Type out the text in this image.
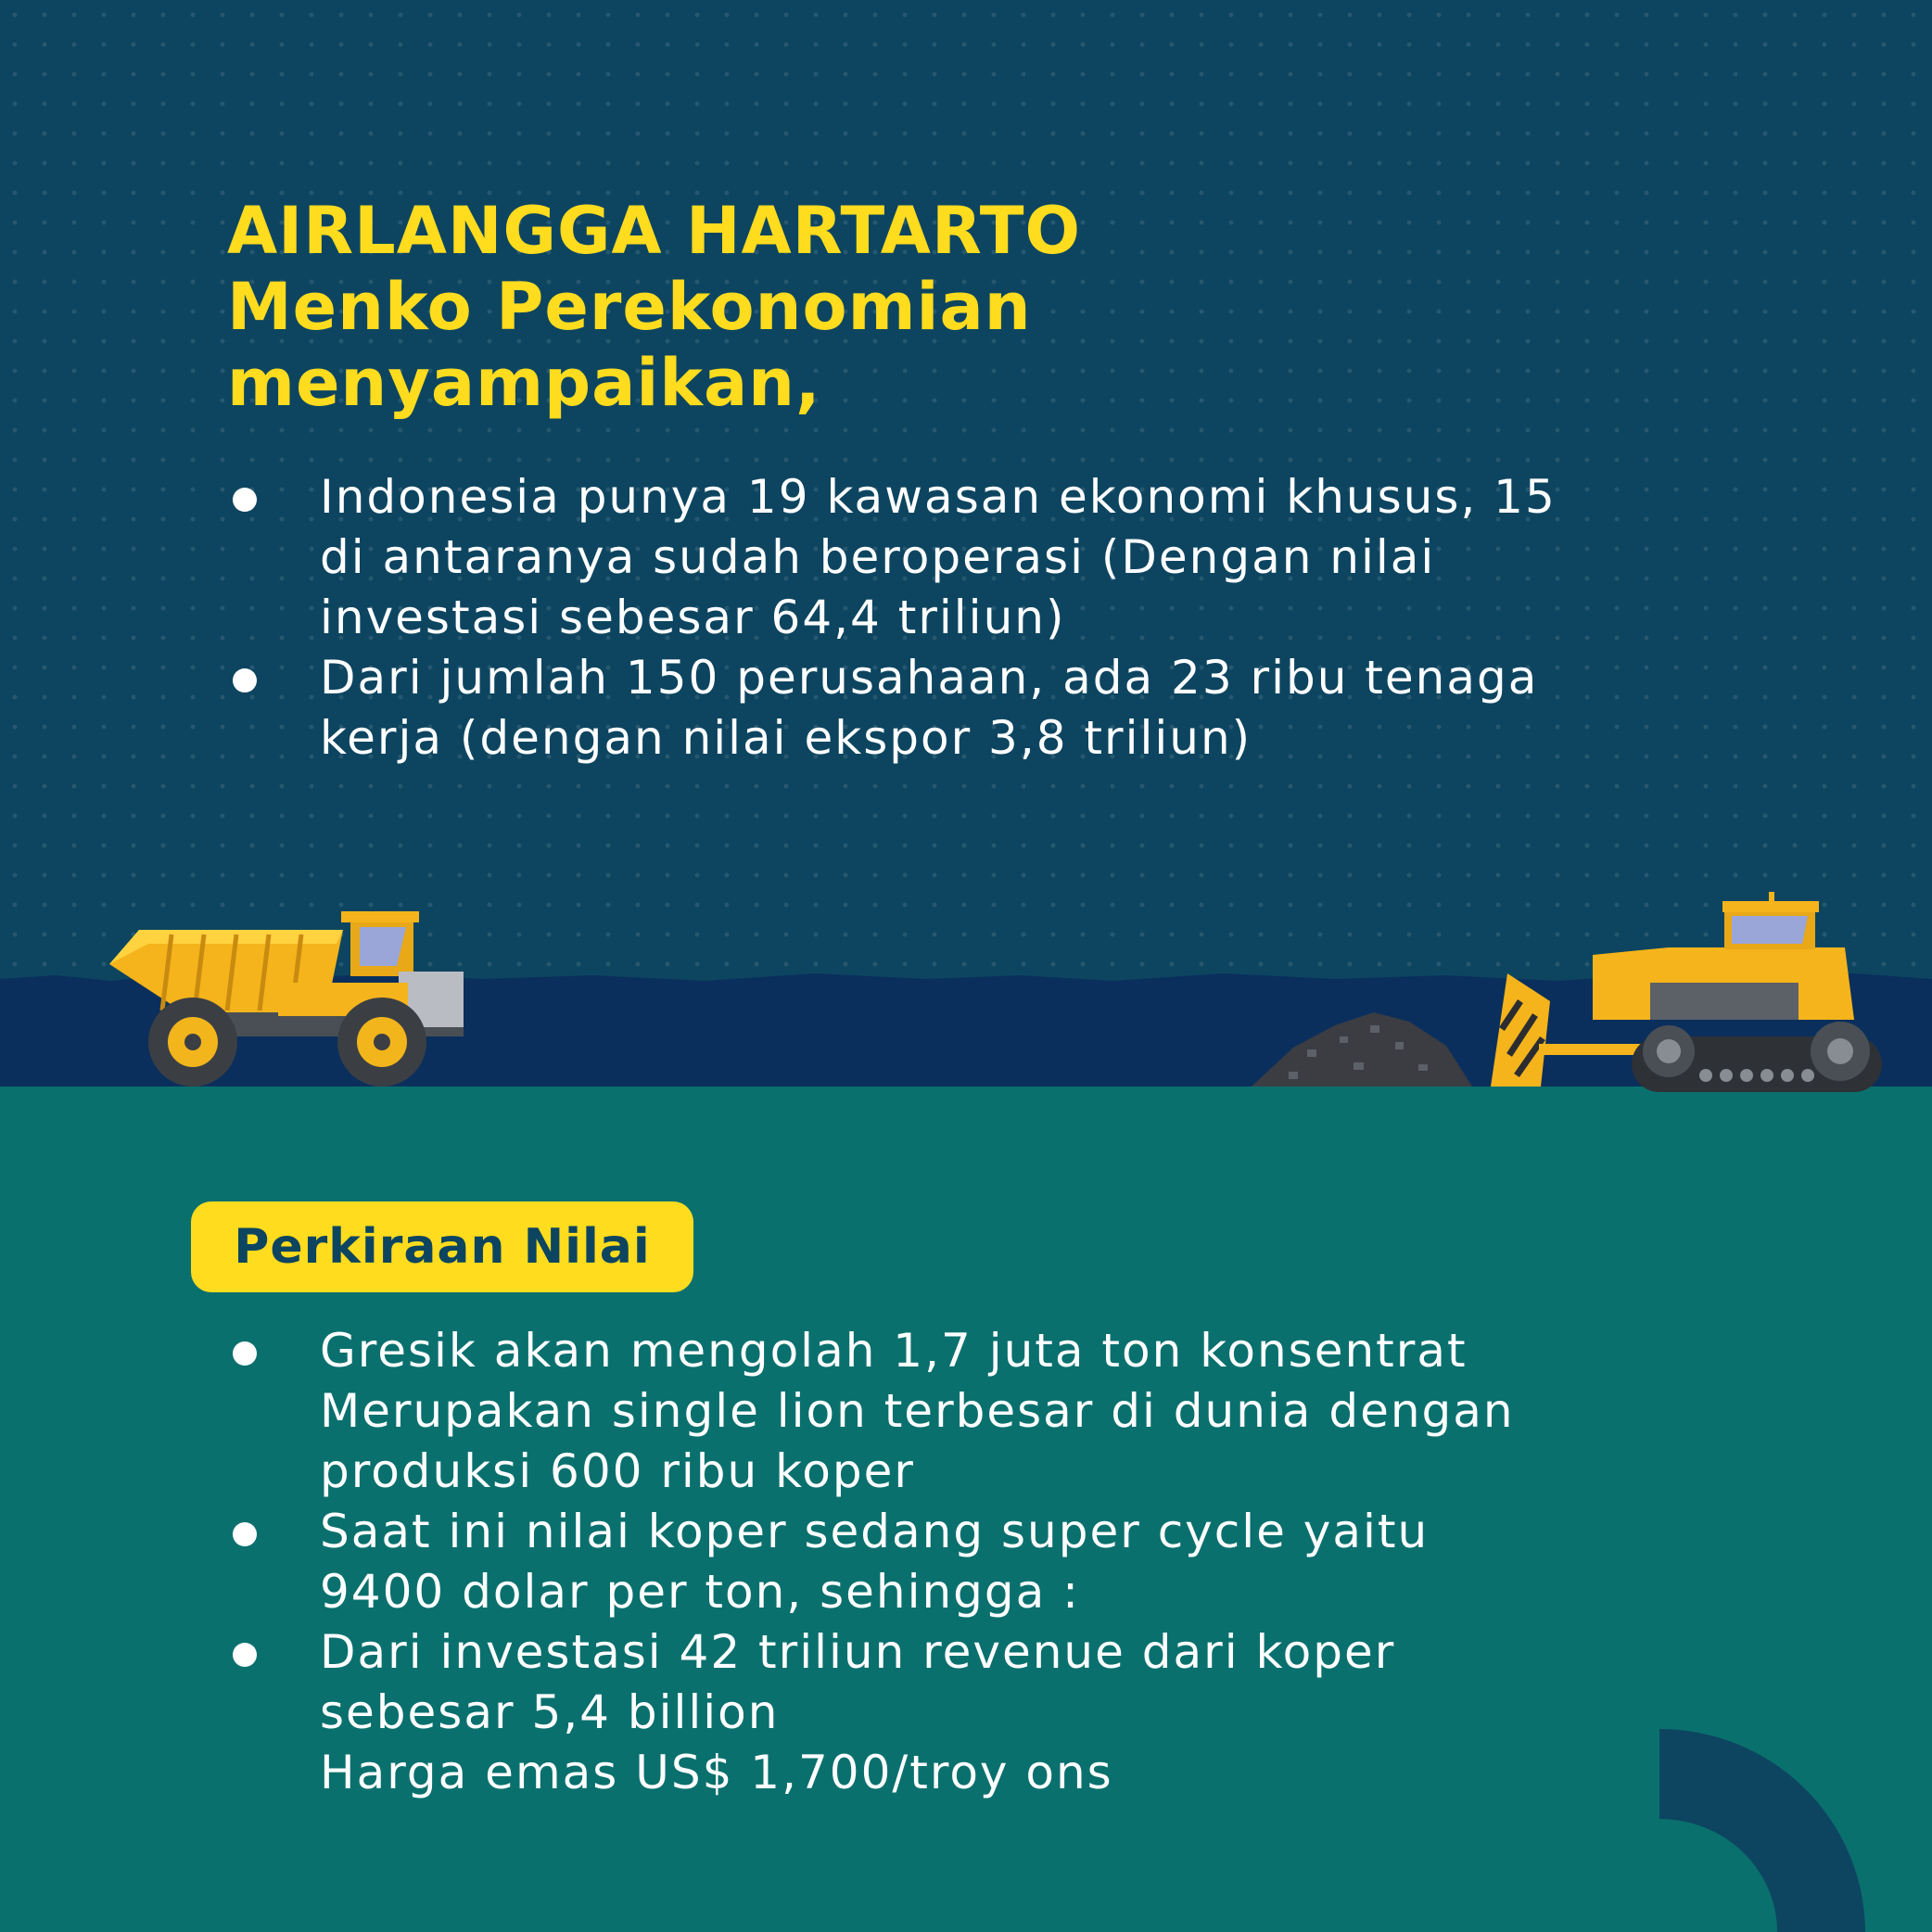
AIRLANGGA HARTARTO
Menko Perekonomian
menyampaikan,
Indonesia punya 19 kawasan ekonomi khusus, 15
di antaranya sudah beroperasi (Dengan nilai
investasi sebesar 64,4 triliun)
Dari jumlah 150 perusahaan, ada 23 ribu tenaga
kerja (dengan nilai ekspor 3,8 triliun)
Perkiraan Nilai
Gresik akan mengolah 1,7 juta ton konsentrat
Merupakan single lion terbesar di dunia dengan
produksi 600 ribu koper
Saat ini nilai koper sedang super cycle yaitu
9400 dolar per ton, sehingga :
Dari investasi 42 triliun revenue dari koper
sebesar 5,4 billion
Harga emas US$ 1,700/troy ons
